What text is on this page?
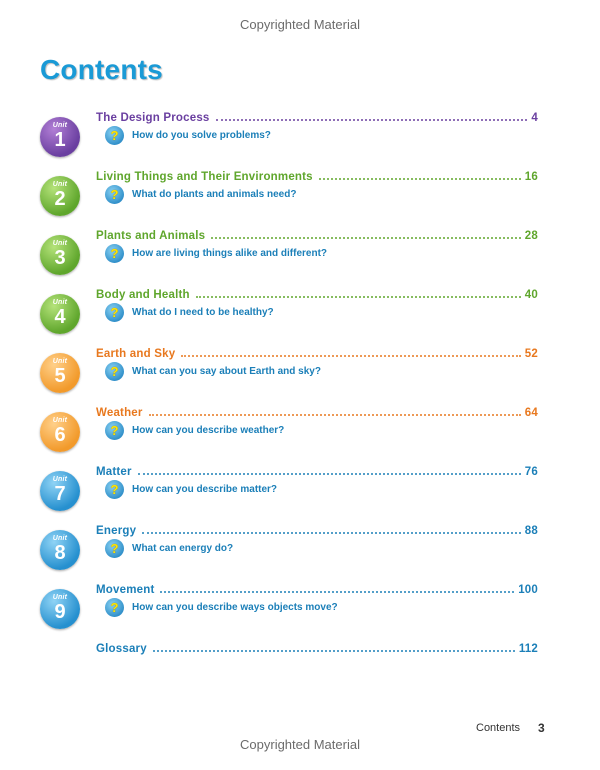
Copyrighted Material
Contents
Unit
1
The Design Process	4
?	How do you solve problems?
Unit
2
Living Things and Their Environments	16
?	What do plants and animals need?
Unit
3
Plants and Animals	28
?	How are living things alike and different?
Unit
4
Body and Health	40
?	What do I need to be healthy?
Unit
5
Earth and Sky	52
?	What can you say about Earth and sky?
Unit
6
Weather	64
?	How can you describe weather?
Unit
7
Matter	76
?	How can you describe matter?
Unit
8
Energy	88
?	What can energy do?
Unit
9
Movement	100
?	How can you describe ways objects move?
Glossary	112
Contents 3
Copyrighted Material
